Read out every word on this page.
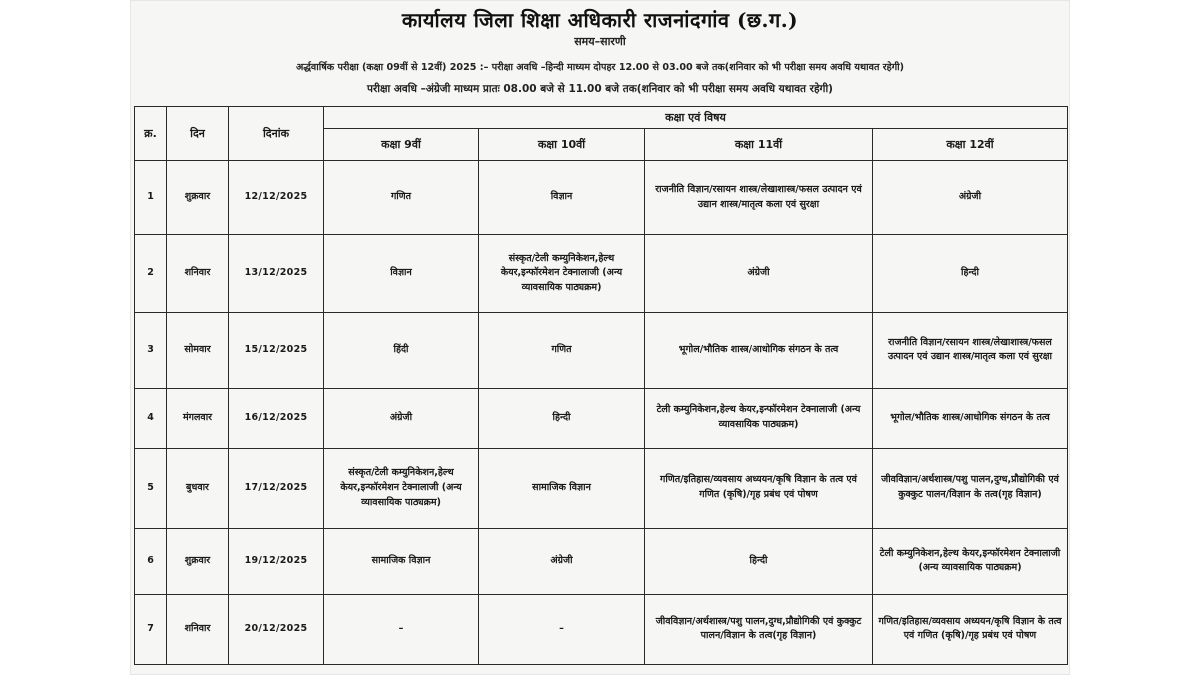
कार्यालय जिला शिक्षा अधिकारी राजनांदगांव (छ.ग.)
समय–सारणी
अर्द्धवार्षिक परीक्षा (कक्षा 09वीं से 12वीं) 2025 :– परीक्षा अवधि –हिन्दी माध्यम दोपहर 12.00 से 03.00 बजे तक(शनिवार को भी परीक्षा समय अवधि यथावत रहेगी)
परीक्षा अवधि –अंग्रेजी माध्यम प्रातः 08.00 बजे से 11.00 बजे तक(शनिवार को भी परीक्षा समय अवधि यथावत रहेगी)
क्र.	दिन	दिनांक	कक्षा एवं विषय			
			कक्षा 9वीं	कक्षा 10वीं	कक्षा 11वीं	कक्षा 12वीं
1	शुक्रवार	12/12/2025	गणित	विज्ञान	राजनीति विज्ञान/रसायन शास्त्र/लेखाशास्त्र/फसल उत्पादन एवं उद्यान शास्त्र/मातृत्व कला एवं सुरक्षा	अंग्रेजी
2	शनिवार	13/12/2025	विज्ञान	संस्कृत/टेली कम्युनिकेशन,हेल्थ केयर,इन्फॉरमेशन टेक्नालाजी (अन्य व्यावसायिक पाठ्यक्रम)	अंग्रेजी	हिन्दी
3	सोमवार	15/12/2025	हिंदी	गणित	भूगोल/भौतिक शास्त्र/आधोगिक संगठन के तत्व	राजनीति विज्ञान/रसायन शास्त्र/लेखाशास्त्र/फसल उत्पादन एवं उद्यान शास्त्र/मातृत्व कला एवं सुरक्षा
4	मंगलवार	16/12/2025	अंग्रेजी	हिन्दी	टेली कम्युनिकेशन,हेल्थ केयर,इन्फॉरमेशन टेक्नालाजी (अन्य व्यावसायिक पाठ्यक्रम)	भूगोल/भौतिक शास्त्र/आधोगिक संगठन के तत्व
5	बुधवार	17/12/2025	संस्कृत/टेली कम्युनिकेशन,हेल्थ केयर,इन्फॉरमेशन टेक्नालाजी (अन्य व्यावसायिक पाठ्यक्रम)	सामाजिक विज्ञान	गणित/इतिहास/व्यवसाय अध्ययन/कृषि विज्ञान के तत्व एवं गणित (कृषि)/गृह प्रबंध एवं पोषण	जीवविज्ञान/अर्थशास्त्र/पशु पालन,दुग्ध,प्रौद्योगिकी एवं कुक्कुट पालन/विज्ञान के तत्व(गृह विज्ञान)
6	शुक्रवार	19/12/2025	सामाजिक विज्ञान	अंग्रेजी	हिन्दी	टेली कम्युनिकेशन,हेल्थ केयर,इन्फॉरमेशन टेक्नालाजी (अन्य व्यावसायिक पाठ्यक्रम)
7	शनिवार	20/12/2025	–	–	जीवविज्ञान/अर्थशास्त्र/पशु पालन,दुग्ध,प्रौद्योगिकी एवं कुक्कुट पालन/विज्ञान के तत्व(गृह विज्ञान)	गणित/इतिहास/व्यवसाय अध्ययन/कृषि विज्ञान के तत्व एवं गणित (कृषि)/गृह प्रबंध एवं पोषण
